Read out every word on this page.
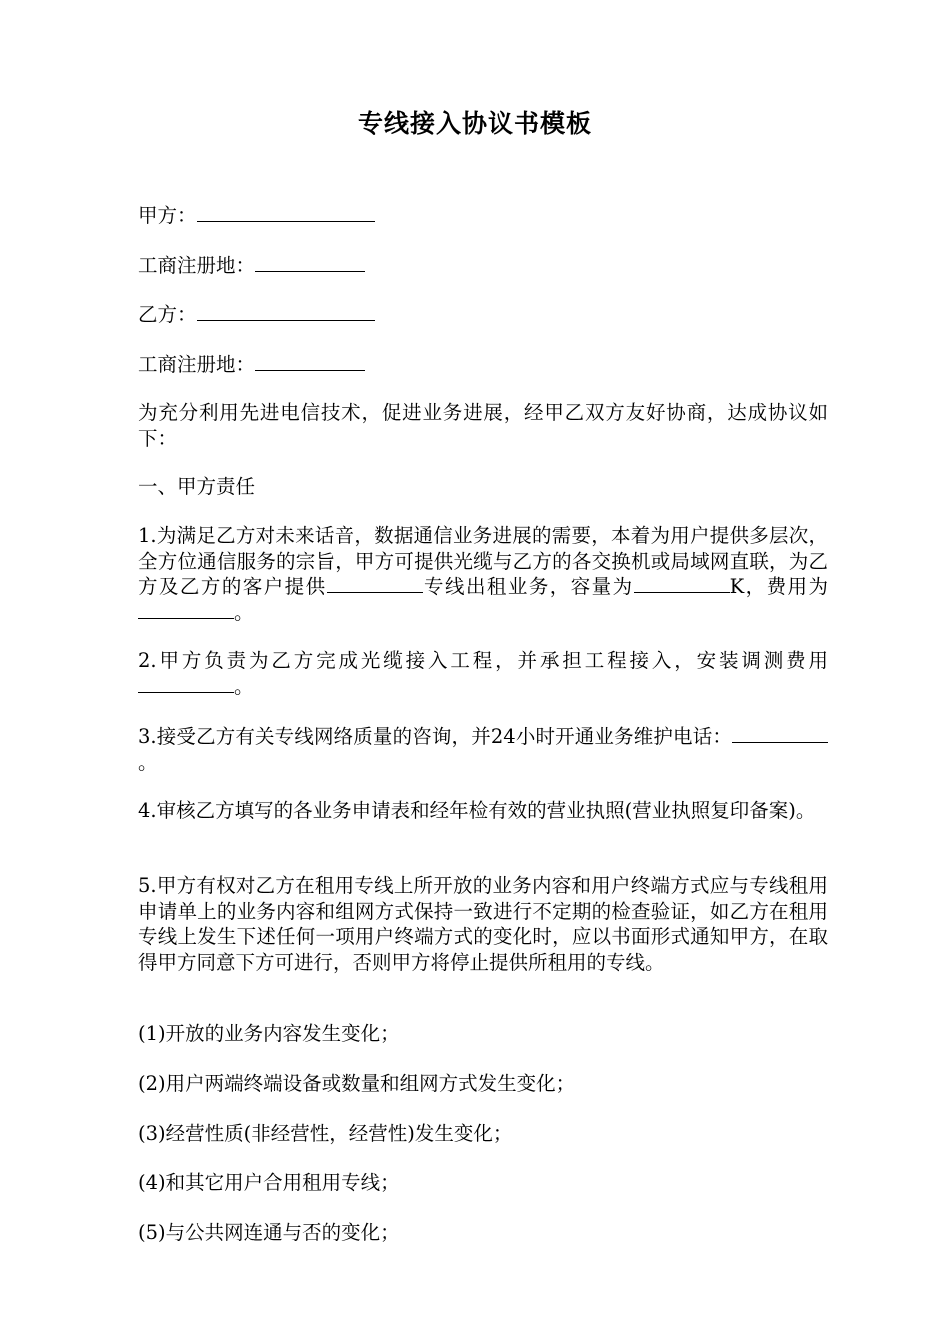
专线接入协议书模板

甲方：

工商注册地：

乙方：

工商注册地：

为充分利用先进电信技术，促进业务进展，经甲乙双方友好协商，达成协议如下：

一、甲方责任

1.为满足乙方对未来话音，数据通信业务进展的需要，本着为用户提供多层次，全方位通信服务的宗旨，甲方可提供光缆与乙方的各交换机或局域网直联，为乙方及乙方的客户提供	专线出租业务，容量为	K，费用为。

2.甲方负责为乙方完成光缆接入工程，并承担工程接入，安装调测费用。

3.接受乙方有关专线网络质量的咨询，并24小时开通业务维护电话：。

4.审核乙方填写的各业务申请表和经年检有效的营业执照(营业执照复印备案)。

5.甲方有权对乙方在租用专线上所开放的业务内容和用户终端方式应与专线租用申请单上的业务内容和组网方式保持一致进行不定期的检查验证，如乙方在租用专线上发生下述任何一项用户终端方式的变化时，应以书面形式通知甲方，在取得甲方同意下方可进行，否则甲方将停止提供所租用的专线。

(1)开放的业务内容发生变化；

(2)用户两端终端设备或数量和组网方式发生变化；

(3)经营性质(非经营性，经营性)发生变化；

(4)和其它用户合用租用专线；

(5)与公共网连通与否的变化；
